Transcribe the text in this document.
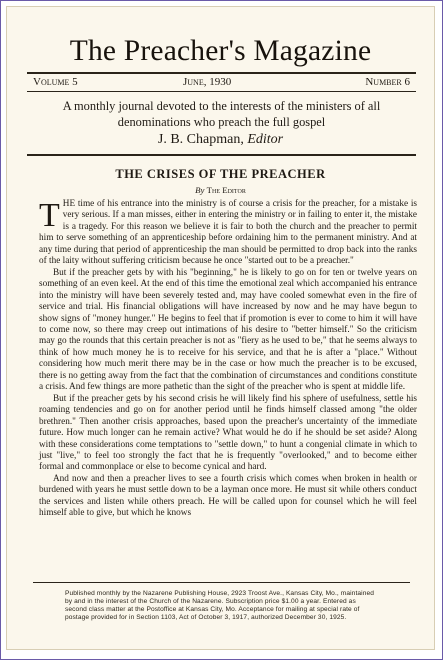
The Preacher's Magazine
Volume 5	June, 1930	Number 6
A monthly journal devoted to the interests of the ministers of all denominations who preach the full gospel
J. B. Chapman, Editor
THE CRISES OF THE PREACHER
By The Editor

THE time of his entrance into the ministry is of course a crisis for the preacher, for a mistake is very serious. If a man misses, either in entering the ministry or in failing to enter it, the mistake is a tragedy. For this reason we believe it is fair to both the church and the preacher to permit him to serve something of an apprenticeship before ordaining him to the permanent ministry. And at any time during that period of apprenticeship the man should be permitted to drop back into the ranks of the laity without suffering criticism because he once "started out to be a preacher."

But if the preacher gets by with his "beginning," he is likely to go on for ten or twelve years on something of an even keel. At the end of this time the emotional zeal which accompanied his entrance into the ministry will have been severely tested and, may have cooled somewhat even in the fire of service and trial. His financial obligations will have increased by now and he may have begun to show signs of "money hunger." He begins to feel that if promotion is ever to come to him it will have to come now, so there may creep out intimations of his desire to "better himself." So the criticism may go the rounds that this certain preacher is not as "fiery as he used to be," that he seems always to think of how much money he is to receive for his service, and that he is after a "place." Without considering how much merit there may be in the case or how much the preacher is to be excused, there is no getting away from the fact that the combination of circumstances and conditions constitute a crisis. And few things are more pathetic than the sight of the preacher who is spent at middle life.

But if the preacher gets by his second crisis he will likely find his sphere of usefulness, settle his roaming tendencies and go on for another period until he finds himself classed among "the older brethren." Then another crisis approaches, based upon the preacher's uncertainty of the immediate future. How much longer can he remain active? What would he do if he should be set aside? Along with these considerations come temptations to "settle down," to hunt a congenial climate in which to just "live," to feel too strongly the fact that he is frequently "overlooked," and to become either formal and commonplace or else to become cynical and hard.

And now and then a preacher lives to see a fourth crisis which comes when broken in health or burdened with years he must settle down to be a layman once more. He must sit while others conduct the services and listen while others preach. He will be called upon for counsel which he will feel himself able to give, but which he knows

Published monthly by the Nazarene Publishing House, 2923 Troost Ave., Kansas City, Mo., maintained by and in the interest of the Church of the Nazarene. Subscription price $1.00 a year. Entered as second class matter at the Postoffice at Kansas City, Mo. Acceptance for mailing at special rate of postage provided for in Section 1103, Act of October 3, 1917, authorized December 30, 1925.
